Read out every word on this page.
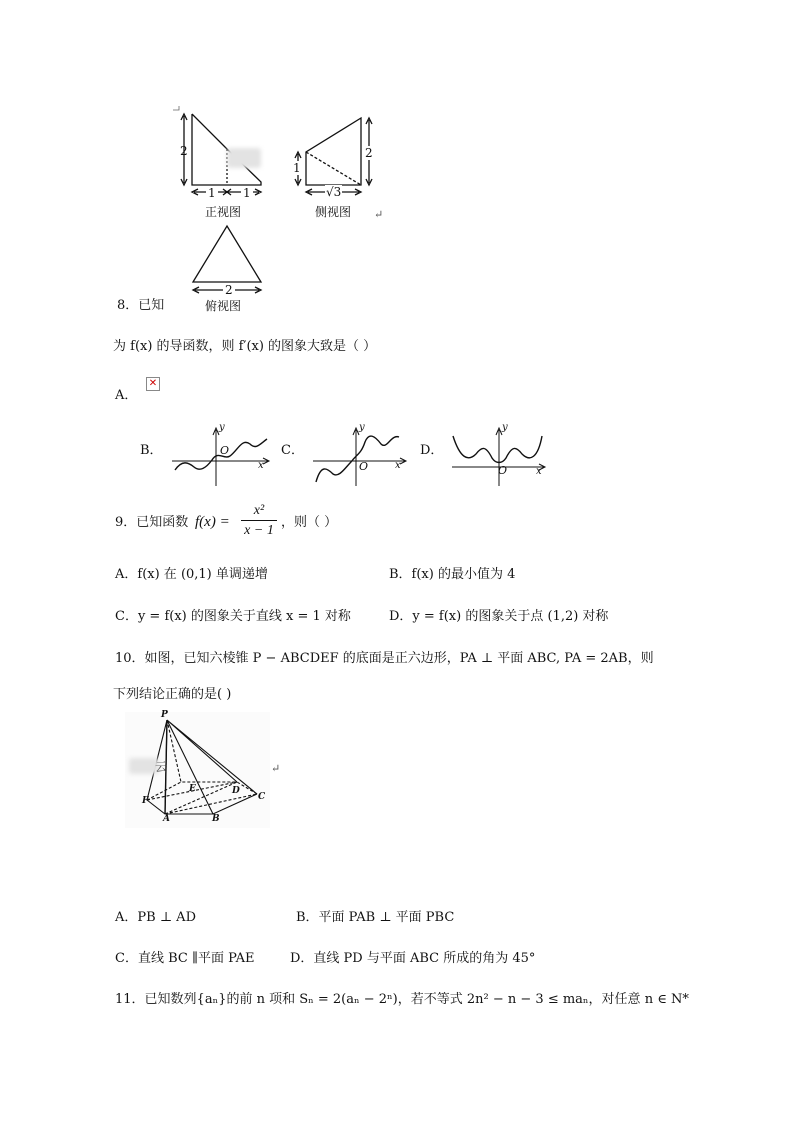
2
1 1
1
2
√3
正视图	侧视图
2
俯视图
↵
8．已知
为 f(x) 的导函数，则 f′(x) 的图象大致是（ ）
A．
✕
B．
y
O
x
C．
y
O	x
D．
y
O	x
9．已知函数 f(x) =
x²
x − 1
，则（ ）
A．f(x) 在 (0,1) 单调递增	B．f(x) 的最小值为 4
C．y = f(x) 的图象关于直线 x = 1 对称	D．y = f(x) 的图象关于点 (1,2) 对称
10．如图，已知六棱锥 P − ABCDEF 的底面是正六边形，PA ⊥ 平面 ABC, PA = 2AB，则
下列结论正确的是( )
云
P
F
A	B
C
D
E
↵
A．PB ⊥ AD	B．平面 PAB ⊥ 平面 PBC
C．直线 BC ∥平面 PAE	D．直线 PD 与平面 ABC 所成的角为 45°
11．已知数列{aₙ}的前 n 项和 Sₙ = 2(aₙ − 2ⁿ)，若不等式 2n² − n − 3 ≤ maₙ，对任意 n ∈ N*
